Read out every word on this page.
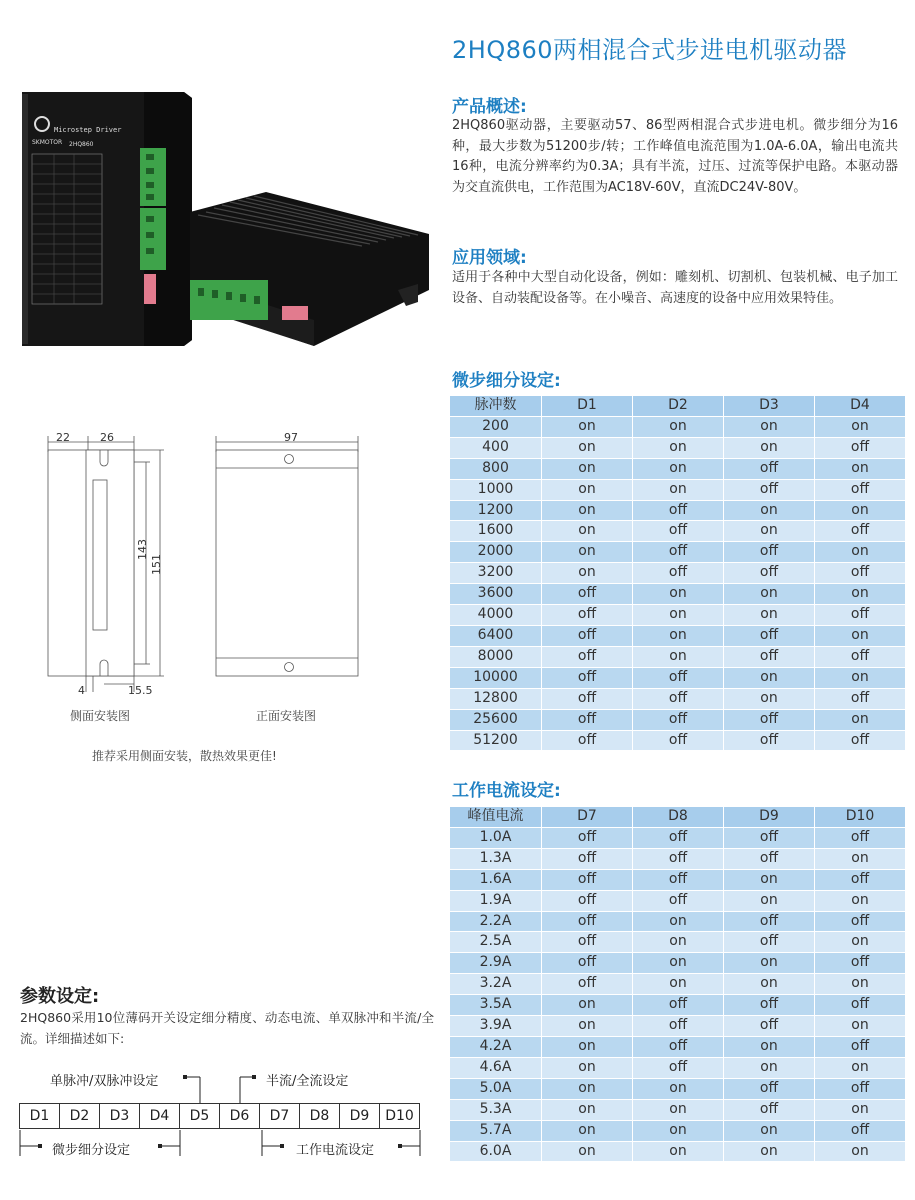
2HQ860两相混合式步进电机驱动器
SKMOTOR
Microstep Driver
2HQ860
22	26
143
151
4	15.5
侧面安装图
97
正面安装图
推荐采用侧面安装，散热效果更佳!
产品概述:
2HQ860驱动器，主要驱动57、86型两相混合式步进电机。微步细分为16种，最大步数为51200步/转；工作峰值电流范围为1.0A-6.0A，输出电流共16种，电流分辨率约为0.3A；具有半流，过压、过流等保护电路。本驱动器为交直流供电，工作范围为AC18V-60V，直流DC24V-80V。
应用领域:
适用于各种中大型自动化设备，例如：雕刻机、切割机、包装机械、电子加工设备、自动装配设备等。在小噪音、高速度的设备中应用效果特佳。
微步细分设定:
脉冲数	D1	D2	D3	D4
200	on	on	on	on
400	on	on	on	off
800	on	on	off	on
1000	on	on	off	off
1200	on	off	on	on
1600	on	off	on	off
2000	on	off	off	on
3200	on	off	off	off
3600	off	on	on	on
4000	off	on	on	off
6400	off	on	off	on
8000	off	on	off	off
10000	off	off	on	on
12800	off	off	on	off
25600	off	off	off	on
51200	off	off	off	off
工作电流设定:
峰值电流	D7	D8	D9	D10
1.0A	off	off	off	off
1.3A	off	off	off	on
1.6A	off	off	on	off
1.9A	off	off	on	on
2.2A	off	on	off	off
2.5A	off	on	off	on
2.9A	off	on	on	off
3.2A	off	on	on	on
3.5A	on	off	off	off
3.9A	on	off	off	on
4.2A	on	off	on	off
4.6A	on	off	on	on
5.0A	on	on	off	off
5.3A	on	on	off	on
5.7A	on	on	on	off
6.0A	on	on	on	on
参数设定:
2HQ860采用10位薄码开关设定细分精度、动态电流、单双脉冲和半流/全流。详细描述如下:
单脉冲/双脉冲设定	半流/全流设定
D1	D2	D3	D4	D5	D6	D7	D8	D9	D10
微步细分设定	工作电流设定
